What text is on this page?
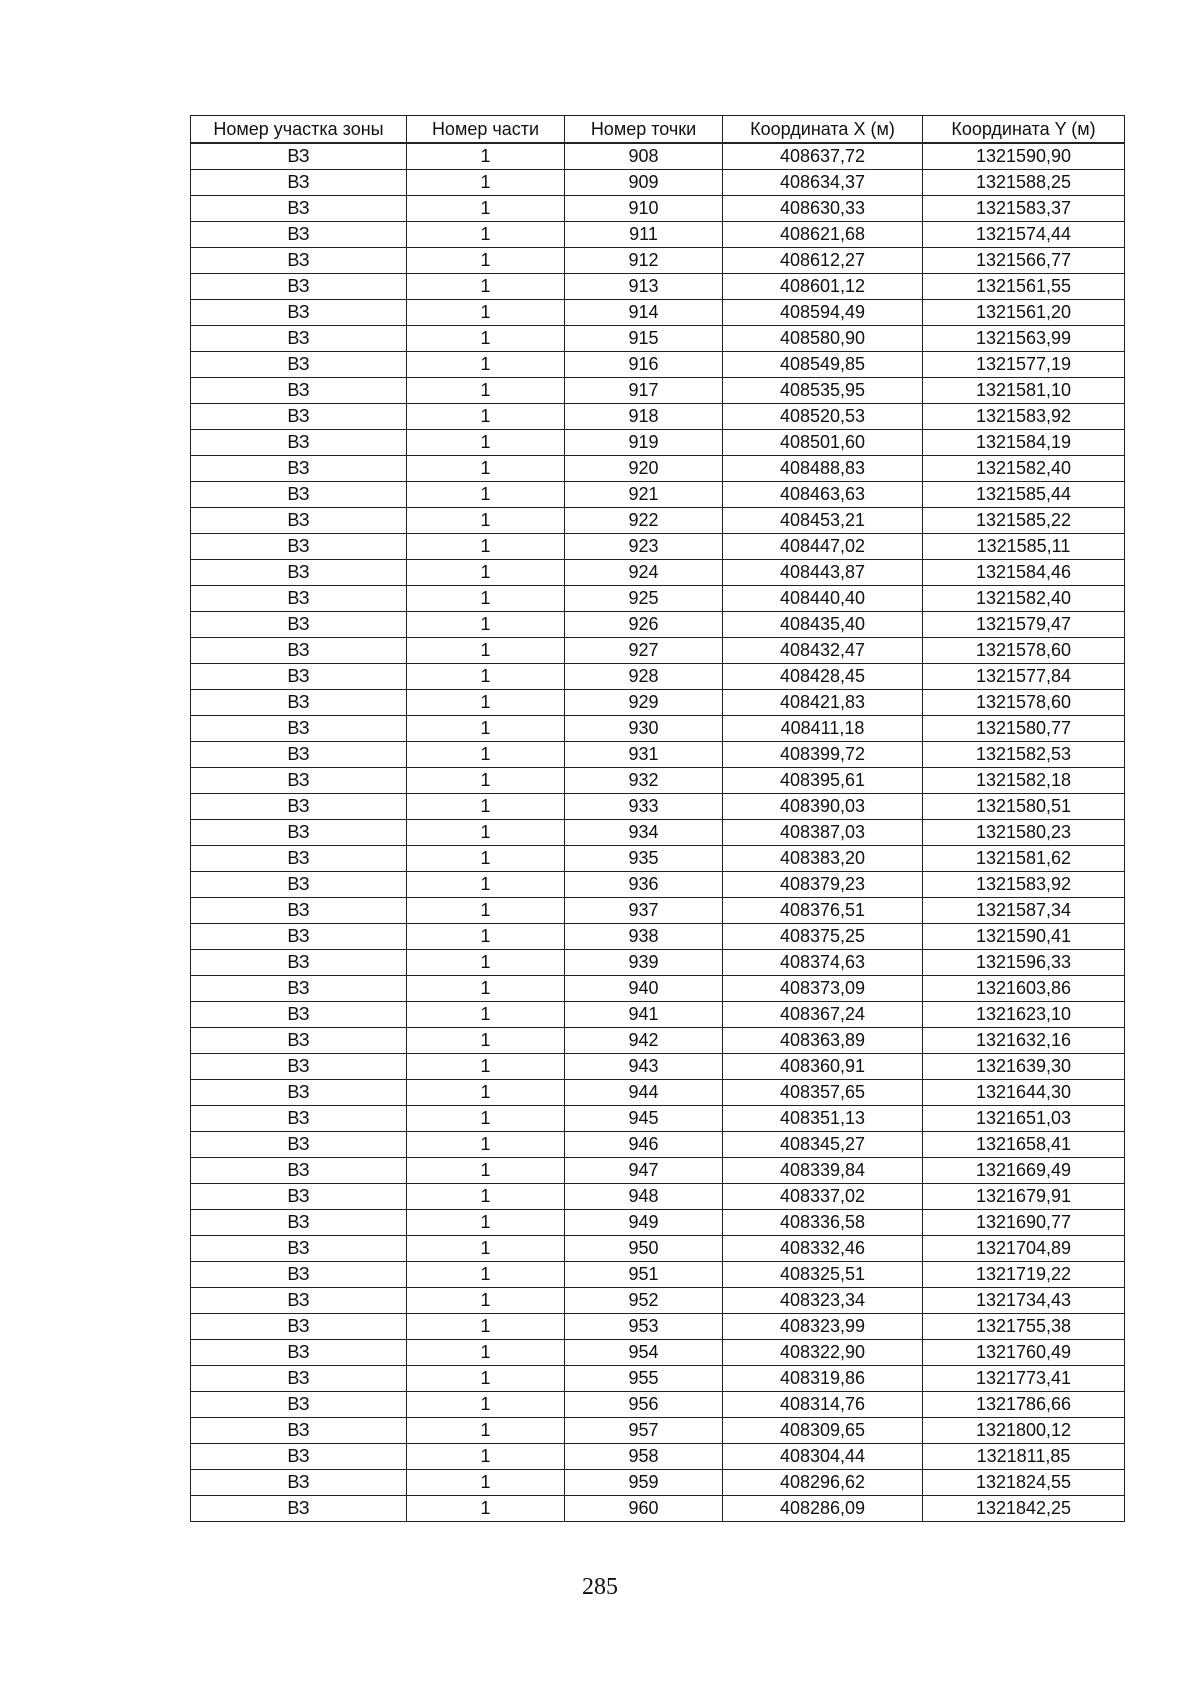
Номер участка зоны	Номер части	Номер точки	Координата X (м)	Координата Y (м)
ВЗ	1	908	408637,72	1321590,90
ВЗ	1	909	408634,37	1321588,25
ВЗ	1	910	408630,33	1321583,37
ВЗ	1	911	408621,68	1321574,44
ВЗ	1	912	408612,27	1321566,77
ВЗ	1	913	408601,12	1321561,55
ВЗ	1	914	408594,49	1321561,20
ВЗ	1	915	408580,90	1321563,99
ВЗ	1	916	408549,85	1321577,19
ВЗ	1	917	408535,95	1321581,10
ВЗ	1	918	408520,53	1321583,92
ВЗ	1	919	408501,60	1321584,19
ВЗ	1	920	408488,83	1321582,40
ВЗ	1	921	408463,63	1321585,44
ВЗ	1	922	408453,21	1321585,22
ВЗ	1	923	408447,02	1321585,11
ВЗ	1	924	408443,87	1321584,46
ВЗ	1	925	408440,40	1321582,40
ВЗ	1	926	408435,40	1321579,47
ВЗ	1	927	408432,47	1321578,60
ВЗ	1	928	408428,45	1321577,84
ВЗ	1	929	408421,83	1321578,60
ВЗ	1	930	408411,18	1321580,77
ВЗ	1	931	408399,72	1321582,53
ВЗ	1	932	408395,61	1321582,18
ВЗ	1	933	408390,03	1321580,51
ВЗ	1	934	408387,03	1321580,23
ВЗ	1	935	408383,20	1321581,62
ВЗ	1	936	408379,23	1321583,92
ВЗ	1	937	408376,51	1321587,34
ВЗ	1	938	408375,25	1321590,41
ВЗ	1	939	408374,63	1321596,33
ВЗ	1	940	408373,09	1321603,86
ВЗ	1	941	408367,24	1321623,10
ВЗ	1	942	408363,89	1321632,16
ВЗ	1	943	408360,91	1321639,30
ВЗ	1	944	408357,65	1321644,30
ВЗ	1	945	408351,13	1321651,03
ВЗ	1	946	408345,27	1321658,41
ВЗ	1	947	408339,84	1321669,49
ВЗ	1	948	408337,02	1321679,91
ВЗ	1	949	408336,58	1321690,77
ВЗ	1	950	408332,46	1321704,89
ВЗ	1	951	408325,51	1321719,22
ВЗ	1	952	408323,34	1321734,43
ВЗ	1	953	408323,99	1321755,38
ВЗ	1	954	408322,90	1321760,49
ВЗ	1	955	408319,86	1321773,41
ВЗ	1	956	408314,76	1321786,66
ВЗ	1	957	408309,65	1321800,12
ВЗ	1	958	408304,44	1321811,85
ВЗ	1	959	408296,62	1321824,55
ВЗ	1	960	408286,09	1321842,25
285
